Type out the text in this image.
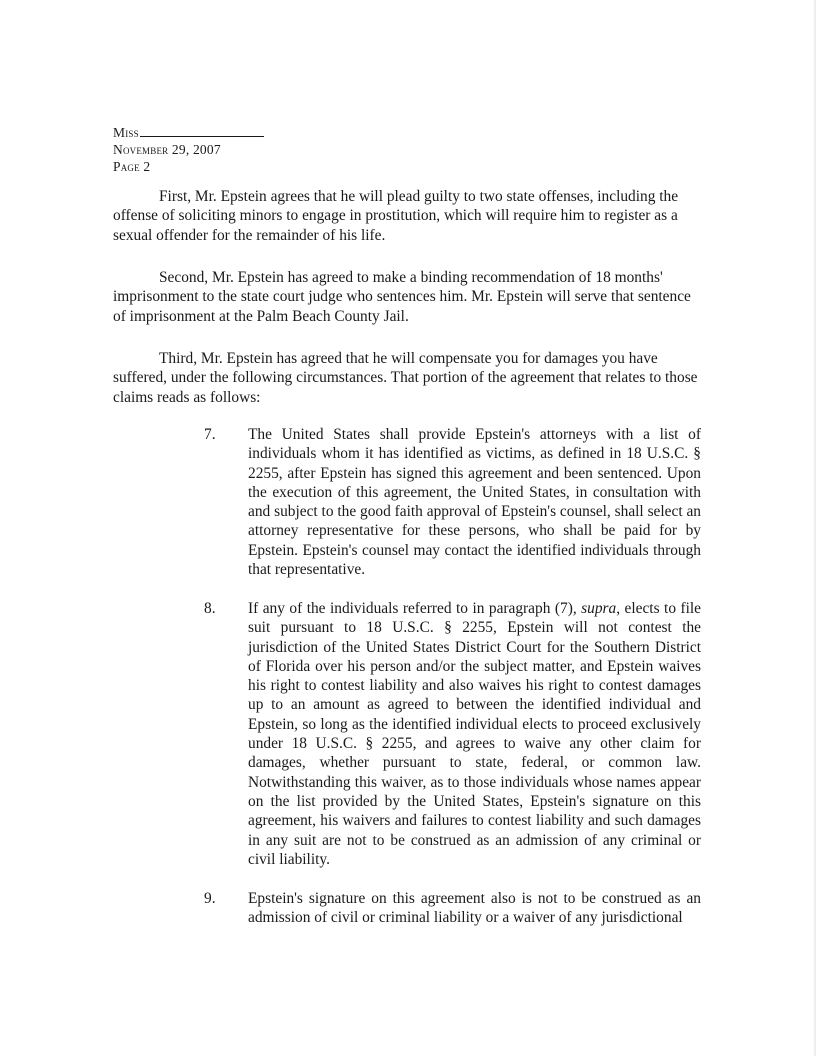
Miss
November 29, 2007
Page 2
First, Mr. Epstein agrees that he will plead guilty to two state offenses, including the offense of soliciting minors to engage in prostitution, which will require him to register as a sexual offender for the remainder of his life.
Second, Mr. Epstein has agreed to make a binding recommendation of 18 months' imprisonment to the state court judge who sentences him. Mr. Epstein will serve that sentence of imprisonment at the Palm Beach County Jail.
Third, Mr. Epstein has agreed that he will compensate you for damages you have suffered, under the following circumstances. That portion of the agreement that relates to those claims reads as follows:
7.	The United States shall provide Epstein's attorneys with a list of individuals whom it has identified as victims, as defined in 18 U.S.C. § 2255, after Epstein has signed this agreement and been sentenced. Upon the execution of this agreement, the United States, in consultation with and subject to the good faith approval of Epstein's counsel, shall select an attorney representative for these persons, who shall be paid for by Epstein. Epstein's counsel may contact the identified individuals through that representative.
8.	If any of the individuals referred to in paragraph (7), supra, elects to file suit pursuant to 18 U.S.C. § 2255, Epstein will not contest the jurisdiction of the United States District Court for the Southern District of Florida over his person and/or the subject matter, and Epstein waives his right to contest liability and also waives his right to contest damages up to an amount as agreed to between the identified individual and Epstein, so long as the identified individual elects to proceed exclusively under 18 U.S.C. § 2255, and agrees to waive any other claim for damages, whether pursuant to state, federal, or common law. Notwithstanding this waiver, as to those individuals whose names appear on the list provided by the United States, Epstein's signature on this agreement, his waivers and failures to contest liability and such damages in any suit are not to be construed as an admission of any criminal or civil liability.
9.	Epstein's signature on this agreement also is not to be construed as an admission of civil or criminal liability or a waiver of any jurisdictional
